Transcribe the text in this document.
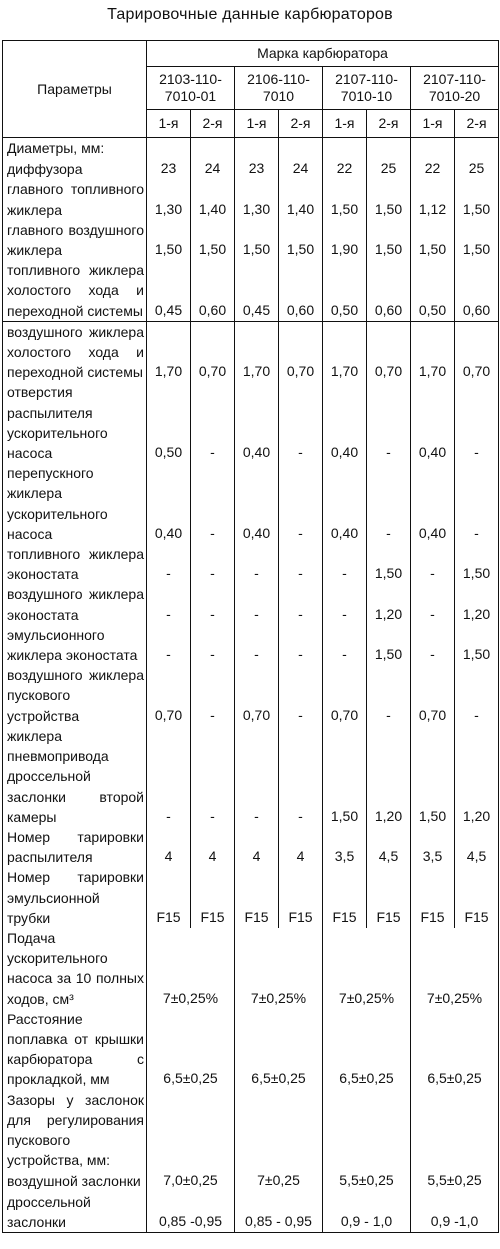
Тарировочные данные карбюраторов
Параметры	Марка карбюратора							
	2103-110-7010-01		2106-110-7010		2107-110-7010-10		2107-110-7010-20	
	1-я	2-я	1-я	2-я	1-я	2-я	1-я	2-я
Диаметры, мм:								
диффузора	23	24	23	24	22	25	22	25
главного топливного жиклера	1,30	1,40	1,30	1,40	1,50	1,50	1,12	1,50
главного воздушного жиклера	1,50	1,50	1,50	1,50	1,90	1,50	1,50	1,50
топливного жиклера холостого хода и переходной системы	0,45	0,60	0,45	0,60	0,50	0,60	0,50	0,60
воздушного жиклера холостого хода и переходной системы	1,70	0,70	1,70	0,70	1,70	0,70	1,70	0,70
отверстия распылителя ускорительного насоса	0,50	-	0,40	-	0,40	-	0,40	-
перепускного жиклера ускорительного насоса	0,40	-	0,40	-	0,40	-	0,40	-
топливного жиклера эконостата	-	-	-	-	-	1,50	-	1,50
воздушного жиклера эконостата	-	-	-	-	-	1,20	-	1,20
эмульсионного жиклера эконостата	-	-	-	-	-	1,50	-	1,50
воздушного жиклера пускового устройства	0,70	-	0,70	-	0,70	-	0,70	-
жиклера пневмопривода дроссельной заслонки второй камеры	-	-	-	-	1,50	1,20	1,50	1,20
Номер тарировки распылителя	4	4	4	4	3,5	4,5	3,5	4,5
Номер тарировки эмульсионной трубки	F15	F15	F15	F15	F15	F15	F15	F15
Подача ускорительного насоса за 10 полных ходов, см³	7±0,25%		7±0,25%		7±0,25%		7±0,25%	
Расстояние поплавка от крышки карбюратора с прокладкой, мм	6,5±0,25		6,5±0,25		6,5±0,25		6,5±0,25	
Зазоры у заслонок для регулирования пускового устройства, мм:								
воздушной заслонки	7,0±0,25		7±0,25		5,5±0,25		5,5±0,25	
дроссельной заслонки	0,85 -0,95		0,85 - 0,95		0,9 - 1,0		0,9 -1,0	
